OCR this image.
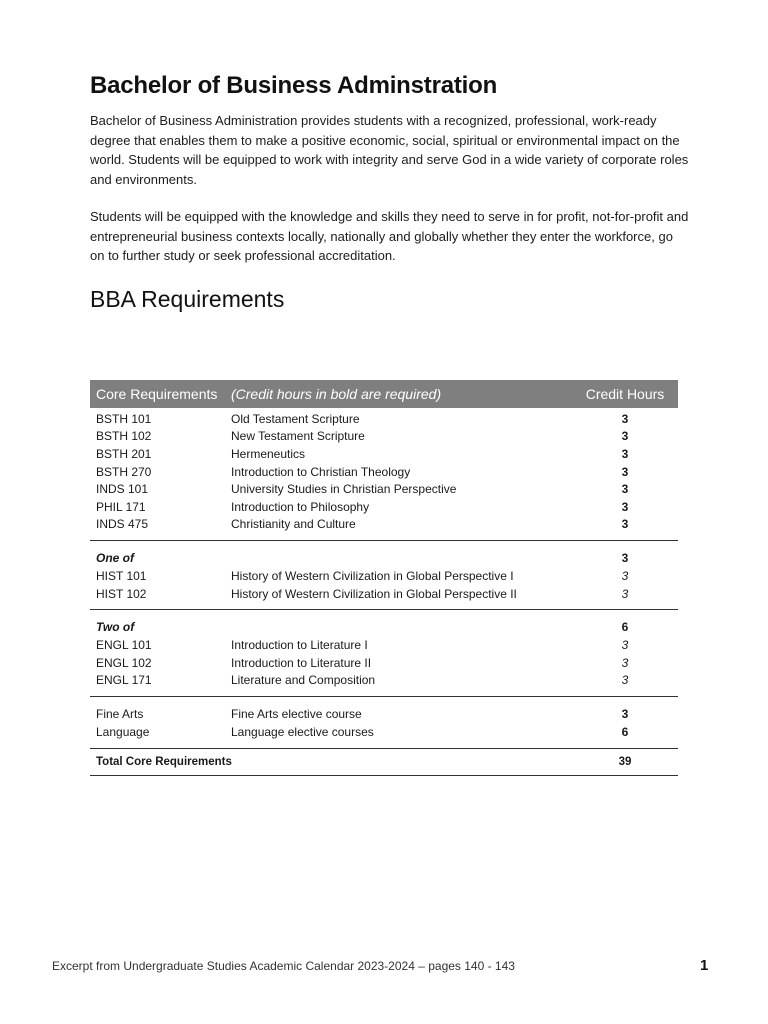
Bachelor of Business Adminstration

Bachelor of Business Administration provides students with a recognized, professional, work-ready degree that enables them to make a positive economic, social, spiritual or environmental impact on the world. Students will be equipped to work with integrity and serve God in a wide variety of corporate roles and environments.

Students will be equipped with the knowledge and skills they need to serve in for profit, not-for-profit and entrepreneurial business contexts locally, nationally and globally whether they enter the workforce, go on to further study or seek professional accreditation.

BBA Requirements
Core Requirements	(Credit hours in bold are required)	Credit Hours
BSTH 101	Old Testament Scripture	3
BSTH 102	New Testament Scripture	3
BSTH 201	Hermeneutics	3
BSTH 270	Introduction to Christian Theology	3
INDS 101	University Studies in Christian Perspective	3
PHIL 171	Introduction to Philosophy	3
INDS 475	Christianity and Culture	3
One of		3
HIST 101	History of Western Civilization in Global Perspective I	3
HIST 102	History of Western Civilization in Global Perspective II	3
Two of		6
ENGL 101	Introduction to Literature I	3
ENGL 102	Introduction to Literature II	3
ENGL 171	Literature and Composition	3
Fine Arts	Fine Arts elective course	3
Language	Language elective courses	6
Total Core Requirements		39
Excerpt from Undergraduate Studies Academic Calendar 2023-2024 – pages 140 - 143	1
